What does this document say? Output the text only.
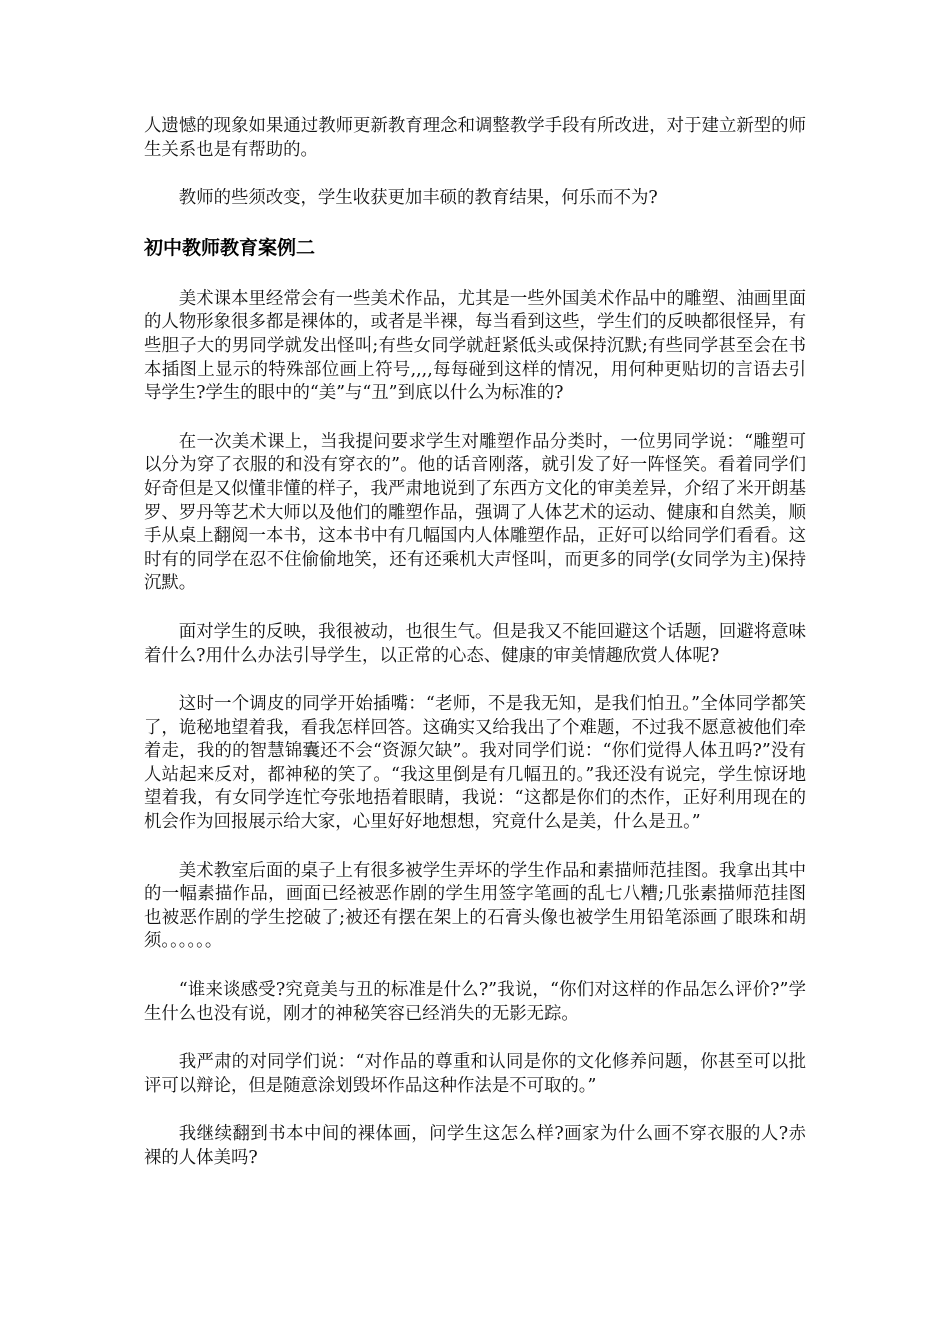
人遗憾的现象如果通过教师更新教育理念和调整教学手段有所改进，对于建立新型的师生关系也是有帮助的。

教师的些须改变，学生收获更加丰硕的教育结果，何乐而不为?

初中教师教育案例二

美术课本里经常会有一些美术作品，尤其是一些外国美术作品中的雕塑、油画里面的人物形象很多都是裸体的，或者是半裸，每当看到这些，学生们的反映都很怪异，有些胆子大的男同学就发出怪叫;有些女同学就赶紧低头或保持沉默;有些同学甚至会在书本插图上显示的特殊部位画上符号,,,,每每碰到这样的情况，用何种更贴切的言语去引导学生?学生的眼中的“美”与“丑”到底以什么为标准的?

在一次美术课上，当我提问要求学生对雕塑作品分类时，一位男同学说：“雕塑可以分为穿了衣服的和没有穿衣的”。他的话音刚落，就引发了好一阵怪笑。看着同学们好奇但是又似懂非懂的样子，我严肃地说到了东西方文化的审美差异，介绍了米开朗基罗、罗丹等艺术大师以及他们的雕塑作品，强调了人体艺术的运动、健康和自然美，顺手从桌上翻阅一本书，这本书中有几幅国内人体雕塑作品，正好可以给同学们看看。这时有的同学在忍不住偷偷地笑，还有还乘机大声怪叫，而更多的同学(女同学为主)保持沉默。

面对学生的反映，我很被动，也很生气。但是我又不能回避这个话题，回避将意味着什么?用什么办法引导学生，以正常的心态、健康的审美情趣欣赏人体呢?

这时一个调皮的同学开始插嘴：“老师，不是我无知，是我们怕丑。”全体同学都笑了，诡秘地望着我，看我怎样回答。这确实又给我出了个难题，不过我不愿意被他们牵着走，我的的智慧锦囊还不会“资源欠缺”。我对同学们说：“你们觉得人体丑吗?”没有人站起来反对，都神秘的笑了。“我这里倒是有几幅丑的。”我还没有说完，学生惊讶地望着我，有女同学连忙夸张地捂着眼睛，我说：“这都是你们的杰作，正好利用现在的机会作为回报展示给大家，心里好好地想想，究竟什么是美，什么是丑。”

美术教室后面的桌子上有很多被学生弄坏的学生作品和素描师范挂图。我拿出其中的一幅素描作品，画面已经被恶作剧的学生用签字笔画的乱七八糟;几张素描师范挂图也被恶作剧的学生挖破了;被还有摆在架上的石膏头像也被学生用铅笔添画了眼珠和胡须。。。。。。

“谁来谈感受?究竟美与丑的标准是什么?”我说，“你们对这样的作品怎么评价?”学生什么也没有说，刚才的神秘笑容已经消失的无影无踪。

我严肃的对同学们说：“对作品的尊重和认同是你的文化修养问题，你甚至可以批评可以辩论，但是随意涂划毁坏作品这种作法是不可取的。”

我继续翻到书本中间的裸体画，问学生这怎么样?画家为什么画不穿衣服的人?赤裸的人体美吗?
